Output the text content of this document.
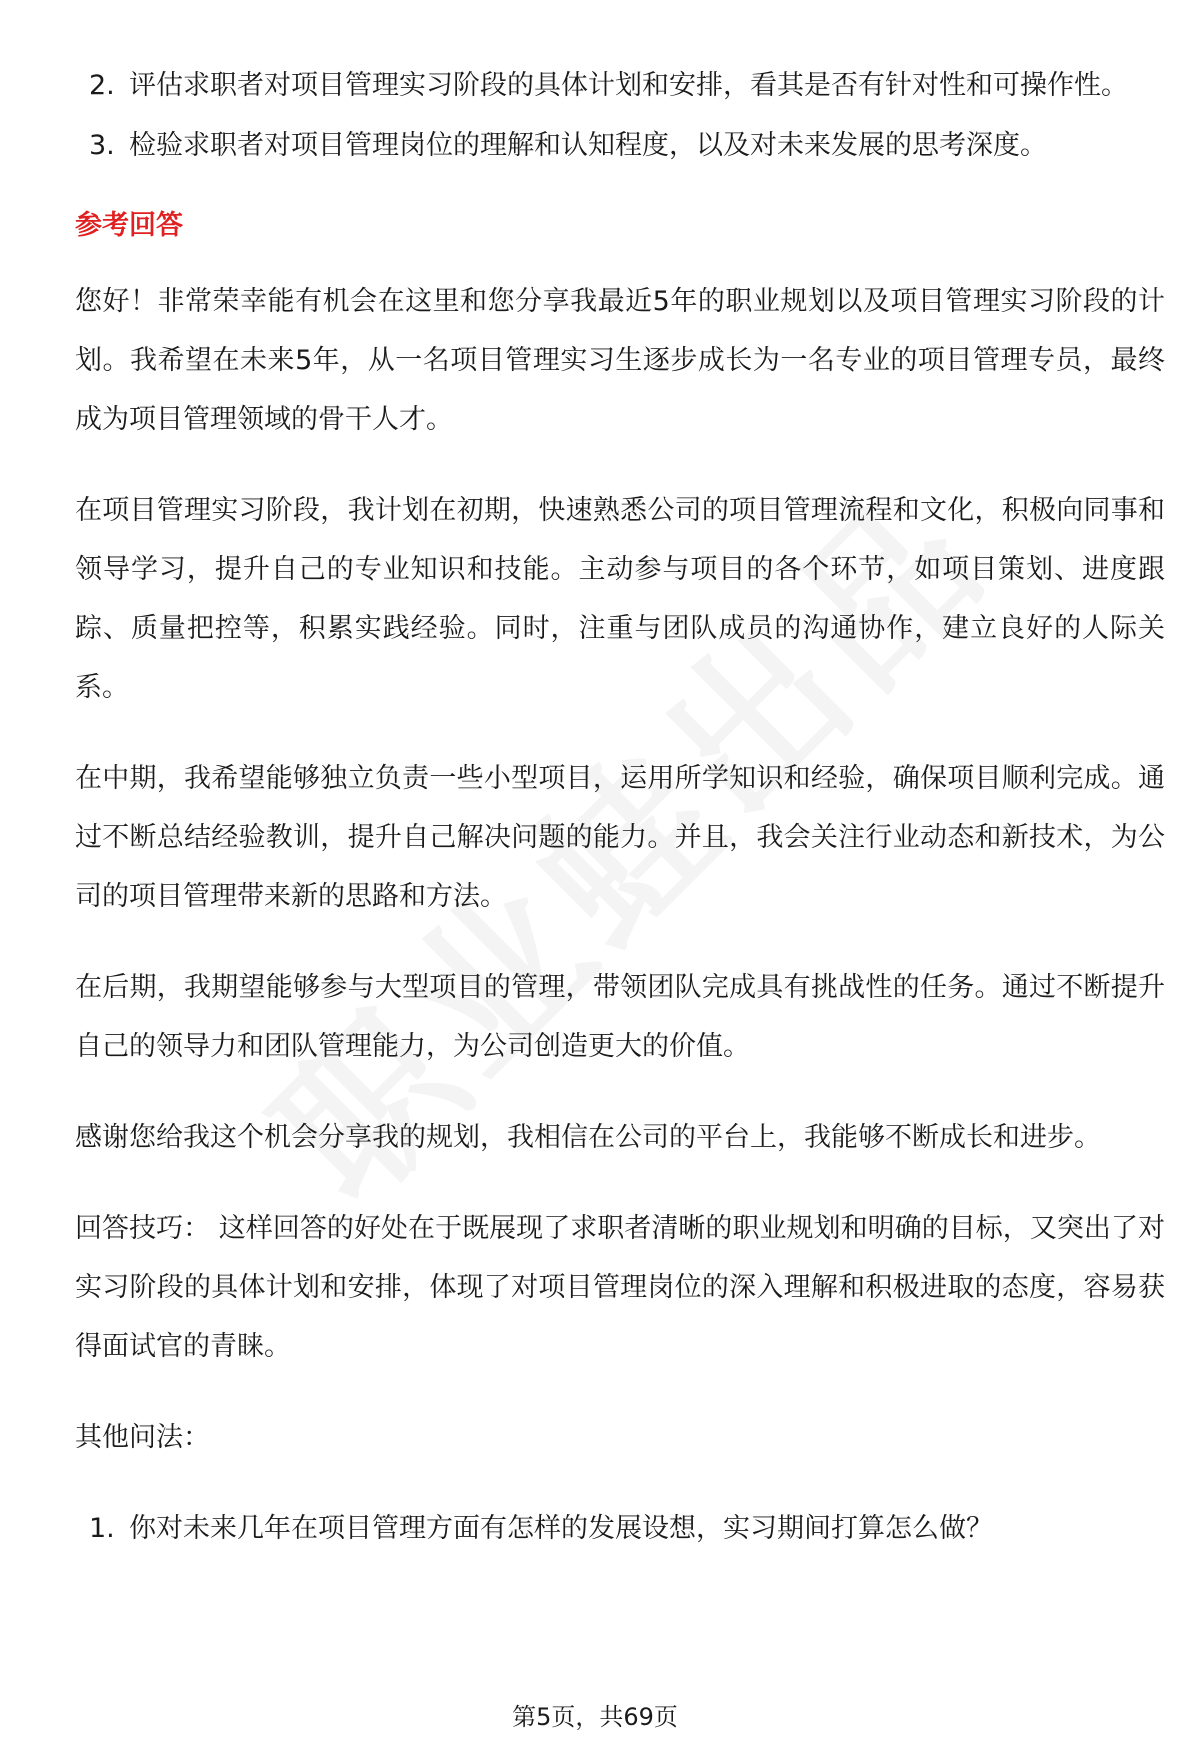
2. 评估求职者对项目管理实习阶段的具体计划和安排，看其是否有针对性和可操作性。
3. 检验求职者对项目管理岗位的理解和认知程度，以及对未来发展的思考深度。
参考回答

您好！非常荣幸能有机会在这里和您分享我最近5年的职业规划以及项目管理实习阶段的计划。我希望在未来5年，从一名项目管理实习生逐步成长为一名专业的项目管理专员，最终成为项目管理领域的骨干人才。

在项目管理实习阶段，我计划在初期，快速熟悉公司的项目管理流程和文化，积极向同事和领导学习，提升自己的专业知识和技能。主动参与项目的各个环节，如项目策划、进度跟踪、质量把控等，积累实践经验。同时，注重与团队成员的沟通协作，建立良好的人际关系。

在中期，我希望能够独立负责一些小型项目，运用所学知识和经验，确保项目顺利完成。通过不断总结经验教训，提升自己解决问题的能力。并且，我会关注行业动态和新技术，为公司的项目管理带来新的思路和方法。

在后期，我期望能够参与大型项目的管理，带领团队完成具有挑战性的任务。通过不断提升自己的领导力和团队管理能力，为公司创造更大的价值。

感谢您给我这个机会分享我的规划，我相信在公司的平台上，我能够不断成长和进步。

回答技巧： 这样回答的好处在于既展现了求职者清晰的职业规划和明确的目标，又突出了对实习阶段的具体计划和安排，体现了对项目管理岗位的深入理解和积极进取的态度，容易获得面试官的青睐。

其他问法：

1. 你对未来几年在项目管理方面有怎样的发展设想，实习期间打算怎么做？
第5页，共69页
